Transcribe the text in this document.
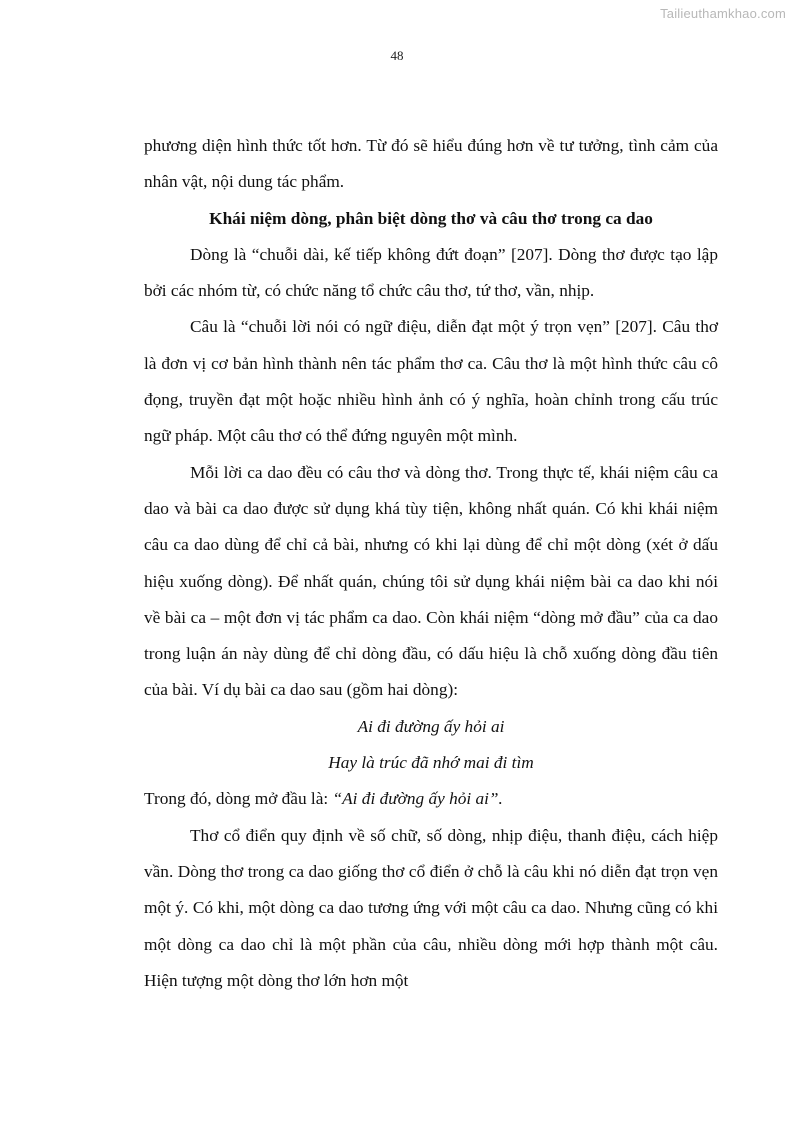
Tailieuthamkhao.com
48

phương diện hình thức tốt hơn. Từ đó sẽ hiểu đúng hơn về tư tưởng, tình cảm của nhân vật, nội dung tác phẩm.

Khái niệm dòng, phân biệt dòng thơ và câu thơ trong ca dao

Dòng là “chuỗi dài, kế tiếp không đứt đoạn” [207]. Dòng thơ được tạo lập bởi các nhóm từ, có chức năng tổ chức câu thơ, tứ thơ, vần, nhịp.

Câu là “chuỗi lời nói có ngữ điệu, diễn đạt một ý trọn vẹn” [207]. Câu thơ là đơn vị cơ bản hình thành nên tác phẩm thơ ca. Câu thơ là một hình thức câu cô đọng, truyền đạt một hoặc nhiều hình ảnh có ý nghĩa, hoàn chỉnh trong cấu trúc ngữ pháp. Một câu thơ có thể đứng nguyên một mình.

Mỗi lời ca dao đều có câu thơ và dòng thơ. Trong thực tế, khái niệm câu ca dao và bài ca dao được sử dụng khá tùy tiện, không nhất quán. Có khi khái niệm câu ca dao dùng để chỉ cả bài, nhưng có khi lại dùng để chỉ một dòng (xét ở dấu hiệu xuống dòng). Để nhất quán, chúng tôi sử dụng khái niệm bài ca dao khi nói về bài ca – một đơn vị tác phẩm ca dao. Còn khái niệm “dòng mở đầu” của ca dao trong luận án này dùng để chỉ dòng đầu, có dấu hiệu là chỗ xuống dòng đầu tiên của bài. Ví dụ bài ca dao sau (gồm hai dòng):

Ai đi đường ấy hỏi ai

Hay là trúc đã nhớ mai đi tìm

Trong đó, dòng mở đầu là: “Ai đi đường ấy hỏi ai”.

Thơ cổ điển quy định về số chữ, số dòng, nhịp điệu, thanh điệu, cách hiệp vần. Dòng thơ trong ca dao giống thơ cổ điển ở chỗ là câu khi nó diễn đạt trọn vẹn một ý. Có khi, một dòng ca dao tương ứng với một câu ca dao. Nhưng cũng có khi một dòng ca dao chỉ là một phần của câu, nhiều dòng mới hợp thành một câu. Hiện tượng một dòng thơ lớn hơn một
